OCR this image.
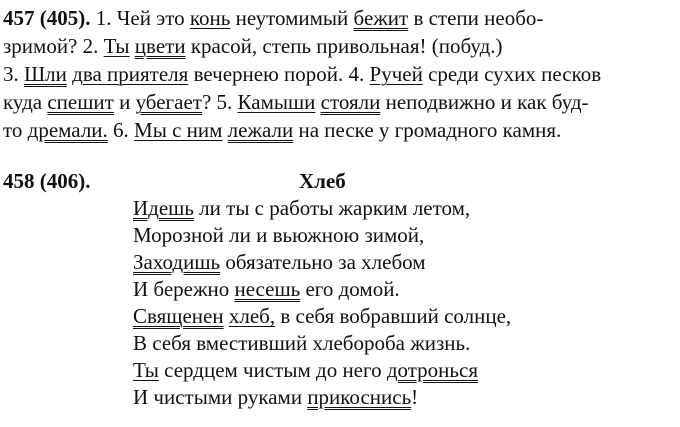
457 (405). 1. Чей это конь неутомимый бежит в степи необо-
зримой? 2. Ты цвети красой, степь привольная! (побуд.)
3. Шли два приятеля вечернею порой. 4. Ручей среди сухих песков
куда спешит и убегает? 5. Камыши стояли неподвижно и как буд-
то дремали. 6. Мы с ним лежали на песке у громадного камня.
458 (406).	Хлеб
Идешь ли ты с работы жарким летом,
Морозной ли и вьюжною зимой,
Заходишь обязательно за хлебом
И бережно несешь его домой.
Священен хлеб, в себя вобравший солнце,
В себя вместивший хлебороба жизнь.
Ты сердцем чистым до него дотронься
И чистыми руками прикоснись!
